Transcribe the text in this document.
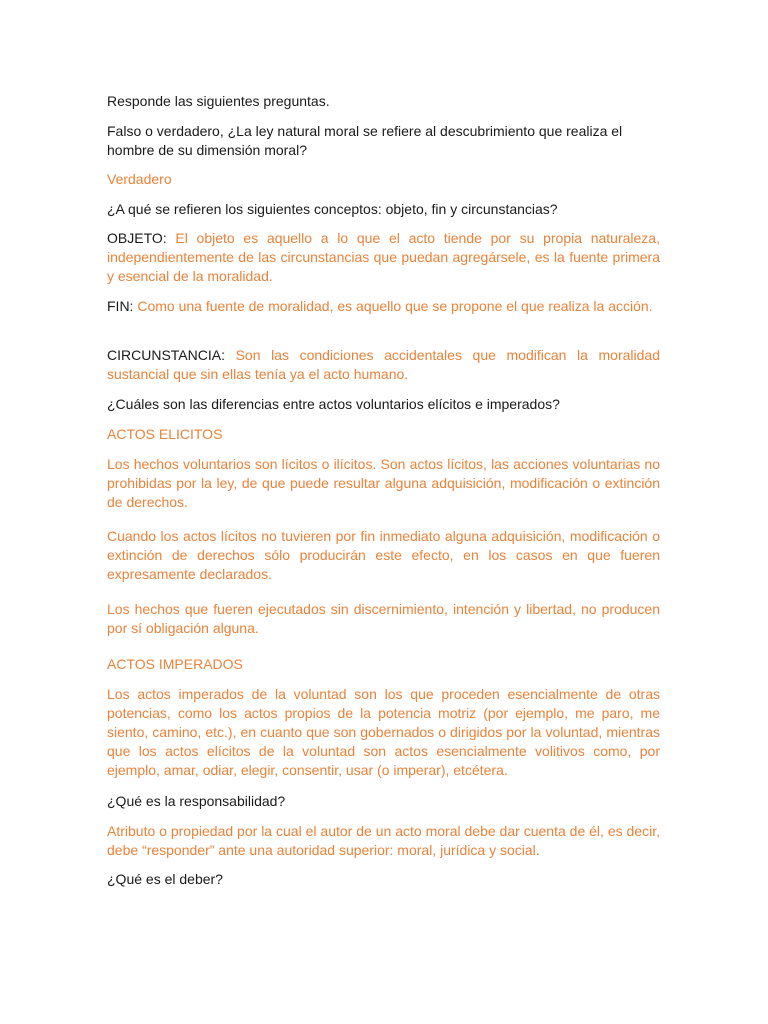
Responde las siguientes preguntas.

Falso o verdadero, ¿La ley natural moral se refiere al descubrimiento que realiza el hombre de su dimensión moral?

Verdadero

¿A qué se refieren los siguientes conceptos: objeto, fin y circunstancias?

OBJETO: El objeto es aquello a lo que el acto tiende por su propia naturaleza, independientemente de las circunstancias que puedan agregársele, es la fuente primera y esencial de la moralidad.

FIN: Como una fuente de moralidad, es aquello que se propone el que realiza la acción.

CIRCUNSTANCIA: Son las condiciones accidentales que modifican la moralidad sustancial que sin ellas tenía ya el acto humano.

¿Cuáles son las diferencias entre actos voluntarios elícitos e imperados?

ACTOS ELICITOS

Los hechos voluntarios son lícitos o ilícitos. Son actos lícitos, las acciones voluntarias no prohibidas por la ley, de que puede resultar alguna adquisición, modificación o extinción de derechos.

Cuando los actos lícitos no tuvieren por fin inmediato alguna adquisición, modificación o extinción de derechos sólo producirán este efecto, en los casos en que fueren expresamente declarados.

Los hechos que fueren ejecutados sin discernimiento, intención y libertad, no producen por sí obligación alguna.

ACTOS IMPERADOS

Los actos imperados de la voluntad son los que proceden esencialmente de otras potencias, como los actos propios de la potencia motriz (por ejemplo, me paro, me siento, camino, etc.), en cuanto que son gobernados o dirigidos por la voluntad, mientras que los actos elícitos de la voluntad son actos esencialmente volitivos como, por ejemplo, amar, odiar, elegir, consentir, usar (o imperar), etcétera.

¿Qué es la responsabilidad?

Atributo o propiedad por la cual el autor de un acto moral debe dar cuenta de él, es decir, debe “responder” ante una autoridad superior: moral, jurídica y social.

¿Qué es el deber?
